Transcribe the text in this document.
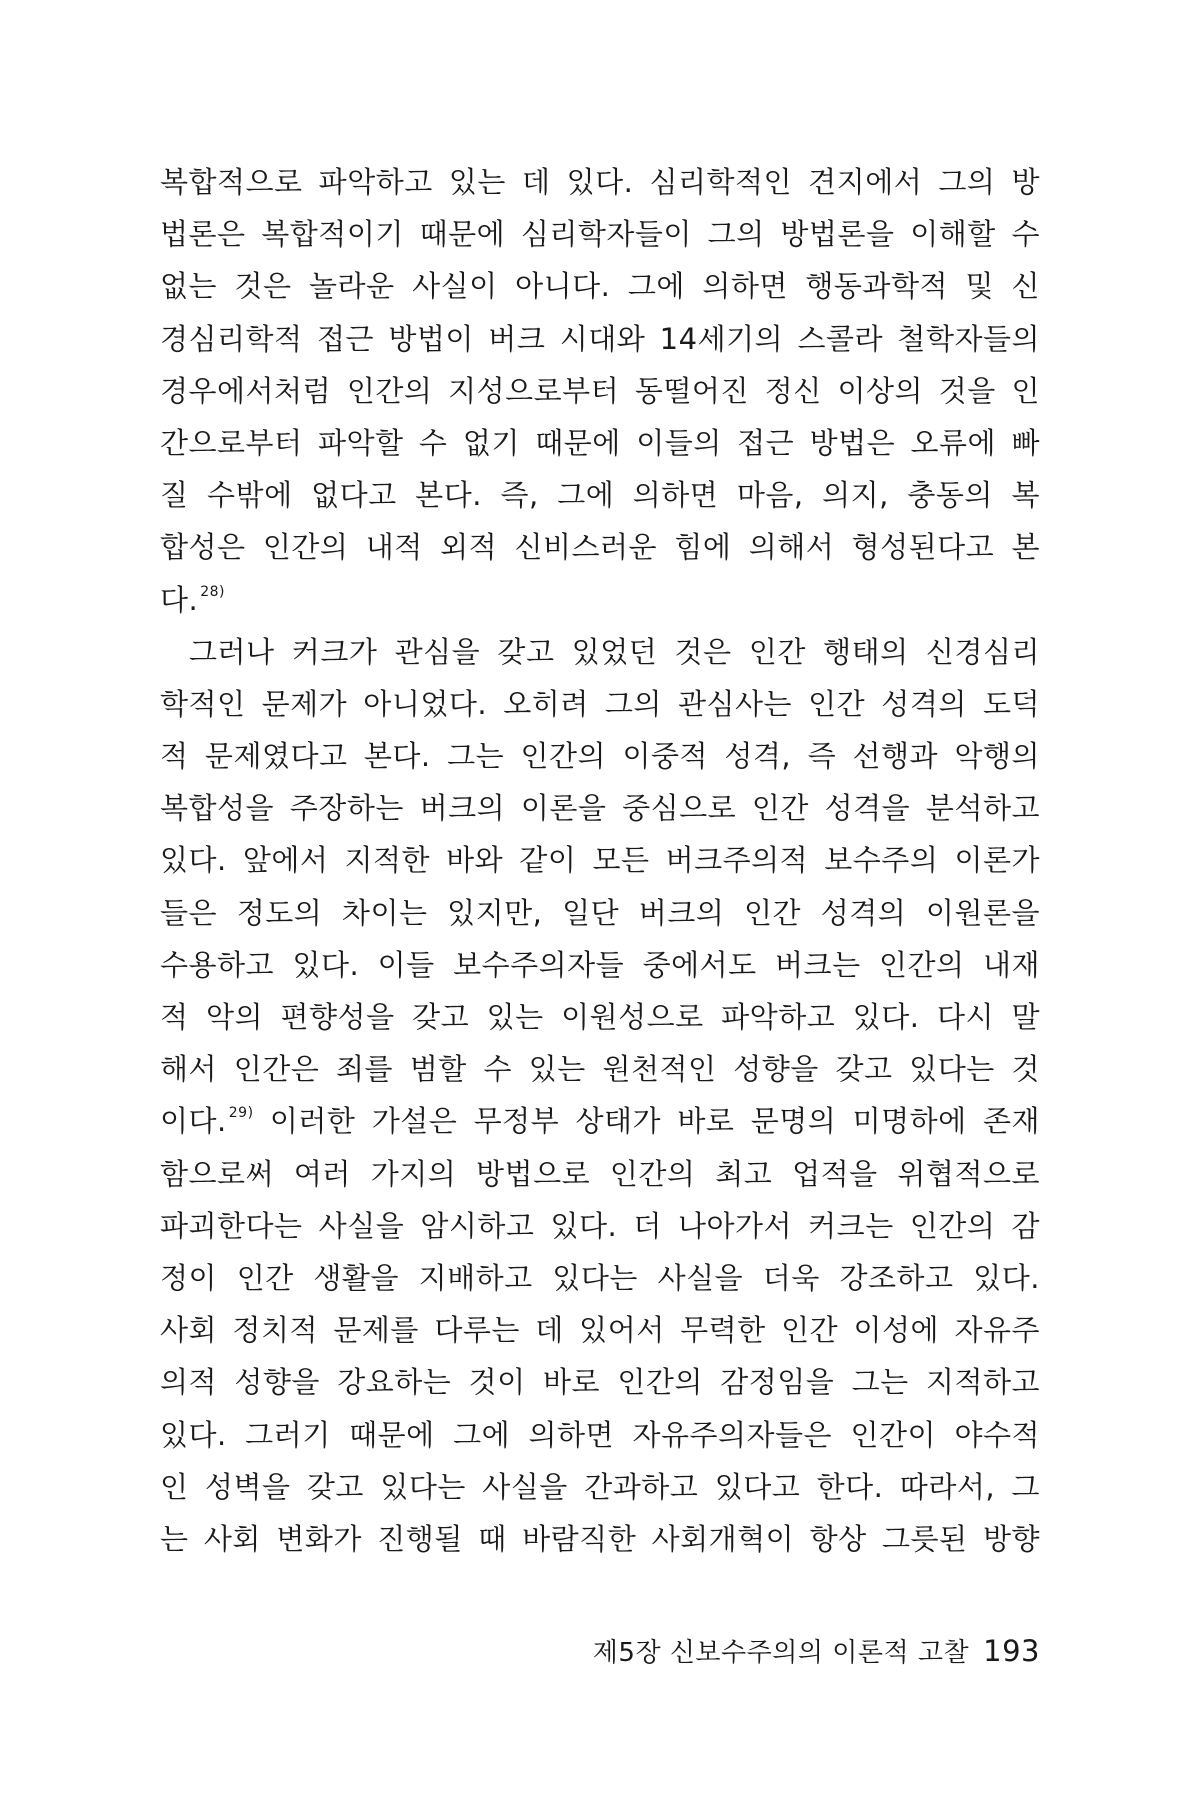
복합적으로 파악하고 있는 데 있다. 심리학적인 견지에서 그의 방
법론은 복합적이기 때문에 심리학자들이 그의 방법론을 이해할 수
없는 것은 놀라운 사실이 아니다. 그에 의하면 행동과학적 및 신
경심리학적 접근 방법이 버크 시대와 14세기의 스콜라 철학자들의
경우에서처럼 인간의 지성으로부터 동떨어진 정신 이상의 것을 인
간으로부터 파악할 수 없기 때문에 이들의 접근 방법은 오류에 빠
질 수밖에 없다고 본다. 즉, 그에 의하면 마음, 의지, 충동의 복
합성은 인간의 내적 외적 신비스러운 힘에 의해서 형성된다고 본
다. $^{28)}$

그러나 커크가 관심을 갖고 있었던 것은 인간 행태의 신경심리
학적인 문제가 아니었다. 오히려 그의 관심사는 인간 성격의 도덕
적 문제였다고 본다. 그는 인간의 이중적 성격, 즉 선행과 악행의
복합성을 주장하는 버크의 이론을 중심으로 인간 성격을 분석하고
있다. 앞에서 지적한 바와 같이 모든 버크주의적 보수주의 이론가
들은 정도의 차이는 있지만, 일단 버크의 인간 성격의 이원론을
수용하고 있다. 이들 보수주의자들 중에서도 버크는 인간의 내재
적 악의 편향성을 갖고 있는 이원성으로 파악하고 있다. 다시 말
해서 인간은 죄를 범할 수 있는 원천적인 성향을 갖고 있다는 것
이다. $^{29)}$ 이러한 가설은 무정부 상태가 바로 문명의 미명하에 존재
함으로써 여러 가지의 방법으로 인간의 최고 업적을 위협적으로
파괴한다는 사실을 암시하고 있다. 더 나아가서 커크는 인간의 감
정이 인간 생활을 지배하고 있다는 사실을 더욱 강조하고 있다.
사회 정치적 문제를 다루는 데 있어서 무력한 인간 이성에 자유주
의적 성향을 강요하는 것이 바로 인간의 감정임을 그는 지적하고
있다. 그러기 때문에 그에 의하면 자유주의자들은 인간이 야수적
인 성벽을 갖고 있다는 사실을 간과하고 있다고 한다. 따라서, 그
는 사회 변화가 진행될 때 바람직한 사회개혁이 항상 그릇된 방향

제5장 신보수주의의 이론적 고찰 193
